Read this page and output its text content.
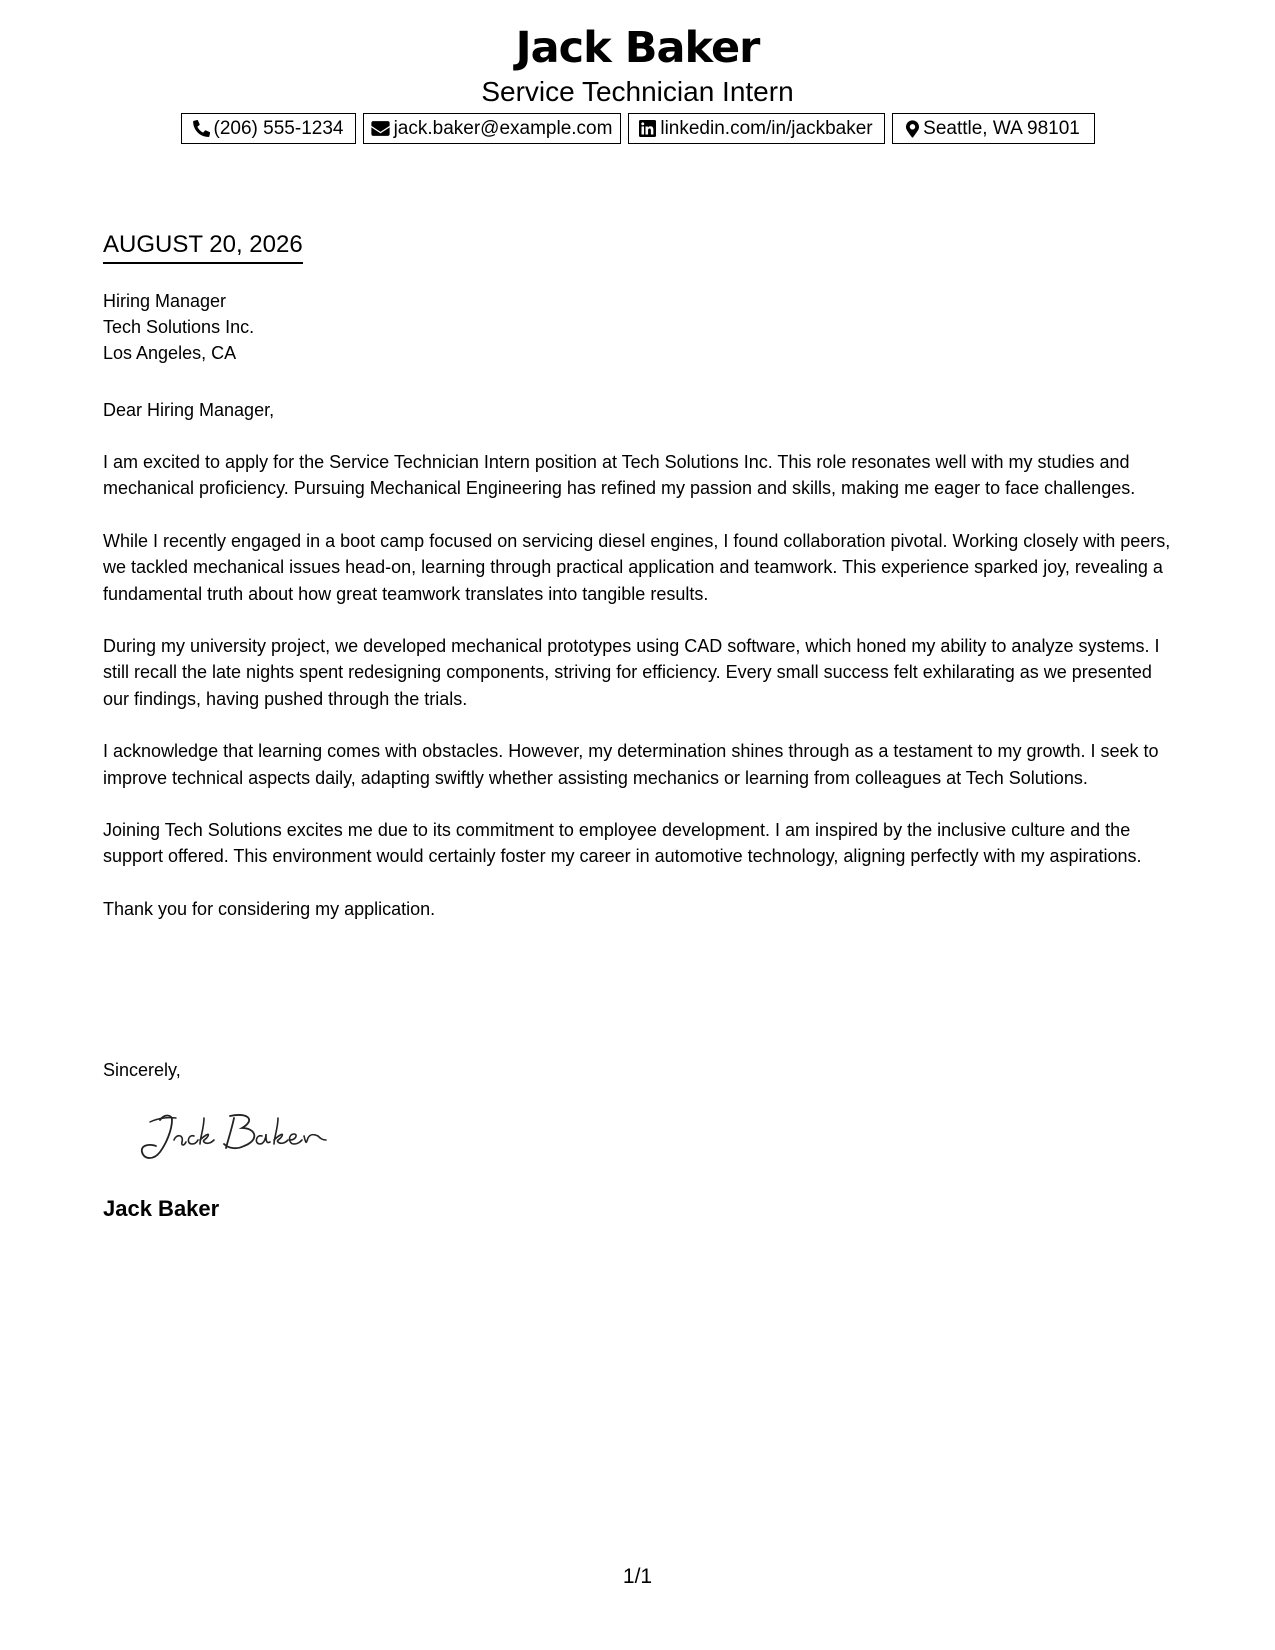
Jack Baker
Service Technician Intern
(206) 555-1234	jack.baker@example.com	linkedin.com/in/jackbaker	Seattle, WA 98101
AUGUST 20, 2026
Hiring Manager
Tech Solutions Inc.
Los Angeles, CA
Dear Hiring Manager,

I am excited to apply for the Service Technician Intern position at Tech Solutions Inc. This role resonates well with my studies and mechanical proficiency. Pursuing Mechanical Engineering has refined my passion and skills, making me eager to face challenges.

While I recently engaged in a boot camp focused on servicing diesel engines, I found collaboration pivotal. Working closely with peers, we tackled mechanical issues head-on, learning through practical application and teamwork. This experience sparked joy, revealing a fundamental truth about how great teamwork translates into tangible results.

During my university project, we developed mechanical prototypes using CAD software, which honed my ability to analyze systems. I still recall the late nights spent redesigning components, striving for efficiency. Every small success felt exhilarating as we presented our findings, having pushed through the trials.

I acknowledge that learning comes with obstacles. However, my determination shines through as a testament to my growth. I seek to improve technical aspects daily, adapting swiftly whether assisting mechanics or learning from colleagues at Tech Solutions.

Joining Tech Solutions excites me due to its commitment to employee development. I am inspired by the inclusive culture and the support offered. This environment would certainly foster my career in automotive technology, aligning perfectly with my aspirations.

Thank you for considering my application.

Sincerely,
Jack Baker
1/1
